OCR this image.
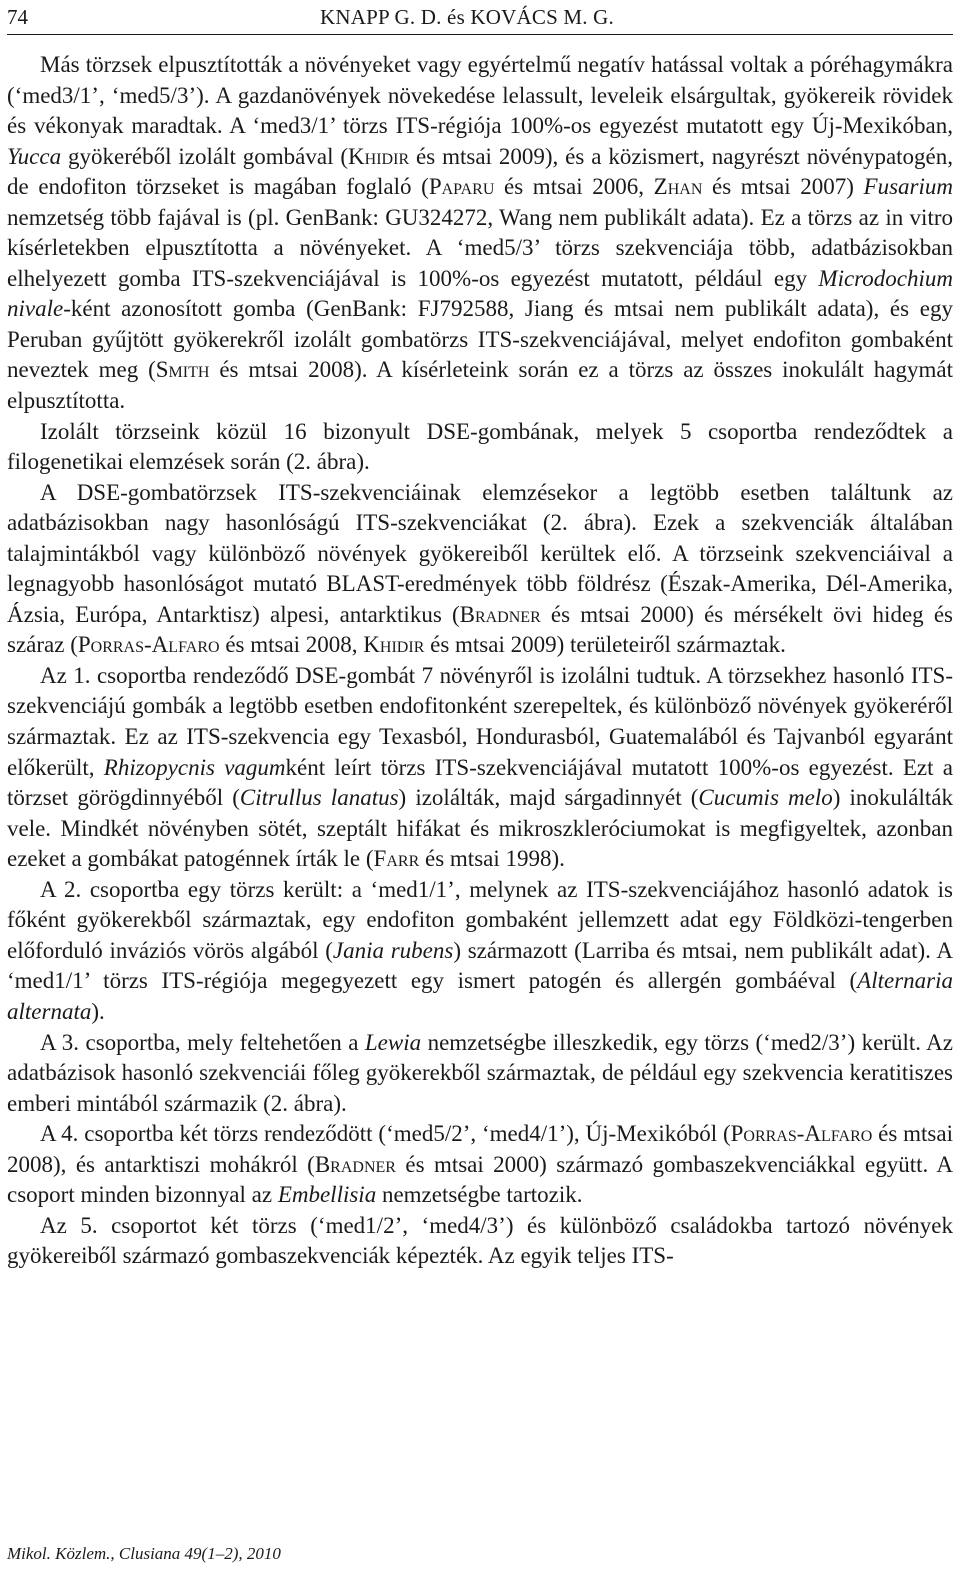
74	KNAPP G. D. és KOVÁCS M. G.

Más törzsek elpusztították a növényeket vagy egyértelmű negatív hatással voltak a póréhagymákra (‘med3/1’, ‘med5/3’). A gazdanövények növekedése lelassult, leveleik elsárgultak, gyökereik rövidek és vékonyak maradtak. A ‘med3/1’ törzs ITS-régiója 100%-os egyezést mutatott egy Új-Mexikóban, Yucca gyökeréből izolált gombával (Khidir és mtsai 2009), és a közismert, nagyrészt növénypatogén, de endofiton törzseket is magában foglaló (Paparu és mtsai 2006, Zhan és mtsai 2007) Fusarium nemzetség több fajával is (pl. GenBank: GU324272, Wang nem publikált adata). Ez a törzs az in vitro kísérletekben elpusztította a növényeket. A ‘med5/3’ törzs szekvenciája több, adatbázisokban elhelyezett gomba ITS-szekvenciájával is 100%-os egyezést mutatott, például egy Microdochium nivale-ként azonosított gomba (GenBank: FJ792588, Jiang és mtsai nem publikált adata), és egy Peruban gyűjtött gyökerekről izolált gombatörzs ITS-szekvenciájával, melyet endofiton gombaként neveztek meg (Smith és mtsai 2008). A kísérleteink során ez a törzs az összes inokulált hagymát elpusztította.

Izolált törzseink közül 16 bizonyult DSE-gombának, melyek 5 csoportba rendeződtek a filogenetikai elemzések során (2. ábra).

A DSE-gombatörzsek ITS-szekvenciáinak elemzésekor a legtöbb esetben találtunk az adatbázisokban nagy hasonlóságú ITS-szekvenciákat (2. ábra). Ezek a szekvenciák általában talajmintákból vagy különböző növények gyökereiből kerültek elő. A törzseink szekvenciáival a legnagyobb hasonlóságot mutató BLAST-eredmények több földrész (Észak-Amerika, Dél-Amerika, Ázsia, Európa, Antarktisz) alpesi, antarktikus (Bradner és mtsai 2000) és mérsékelt övi hideg és száraz (Porras-Alfaro és mtsai 2008, Khidir és mtsai 2009) területeiről származtak.

Az 1. csoportba rendeződő DSE-gombát 7 növényről is izolálni tudtuk. A törzsekhez hasonló ITS-szekvenciájú gombák a legtöbb esetben endofitonként szerepeltek, és különböző növények gyökeréről származtak. Ez az ITS-szekvencia egy Texasból, Hondurasból, Guatemalából és Tajvanból egyaránt előkerült, Rhizopycnis vagumként leírt törzs ITS-szekvenciájával mutatott 100%-os egyezést. Ezt a törzset görögdinnyéből (Citrullus lanatus) izolálták, majd sárgadinnyét (Cucumis melo) inokulálták vele. Mindkét növényben sötét, szeptált hifákat és mikroszkleróciumokat is megfigyeltek, azonban ezeket a gombákat patogénnek írták le (Farr és mtsai 1998).

A 2. csoportba egy törzs került: a ‘med1/1’, melynek az ITS-szekvenciájához hasonló adatok is főként gyökerekből származtak, egy endofiton gombaként jellemzett adat egy Földközi-tengerben előforduló inváziós vörös algából (Jania rubens) származott (Larriba és mtsai, nem publikált adat). A ‘med1/1’ törzs ITS-régiója megegyezett egy ismert patogén és allergén gombáéval (Alternaria alternata).

A 3. csoportba, mely feltehetően a Lewia nemzetségbe illeszkedik, egy törzs (‘med2/3’) került. Az adatbázisok hasonló szekvenciái főleg gyökerekből származtak, de például egy szekvencia keratitiszes emberi mintából származik (2. ábra).

A 4. csoportba két törzs rendeződött (‘med5/2’, ‘med4/1’), Új-Mexikóból (Porras-Alfaro és mtsai 2008), és antarktiszi mohákról (Bradner és mtsai 2000) származó gombaszekvenciákkal együtt. A csoport minden bizonnyal az Embellisia nemzetségbe tartozik.

Az 5. csoportot két törzs (‘med1/2’, ‘med4/3’) és különböző családokba tartozó növények gyökereiből származó gombaszekvenciák képezték. Az egyik teljes ITS-

Mikol. Közlem., Clusiana 49(1–2), 2010
